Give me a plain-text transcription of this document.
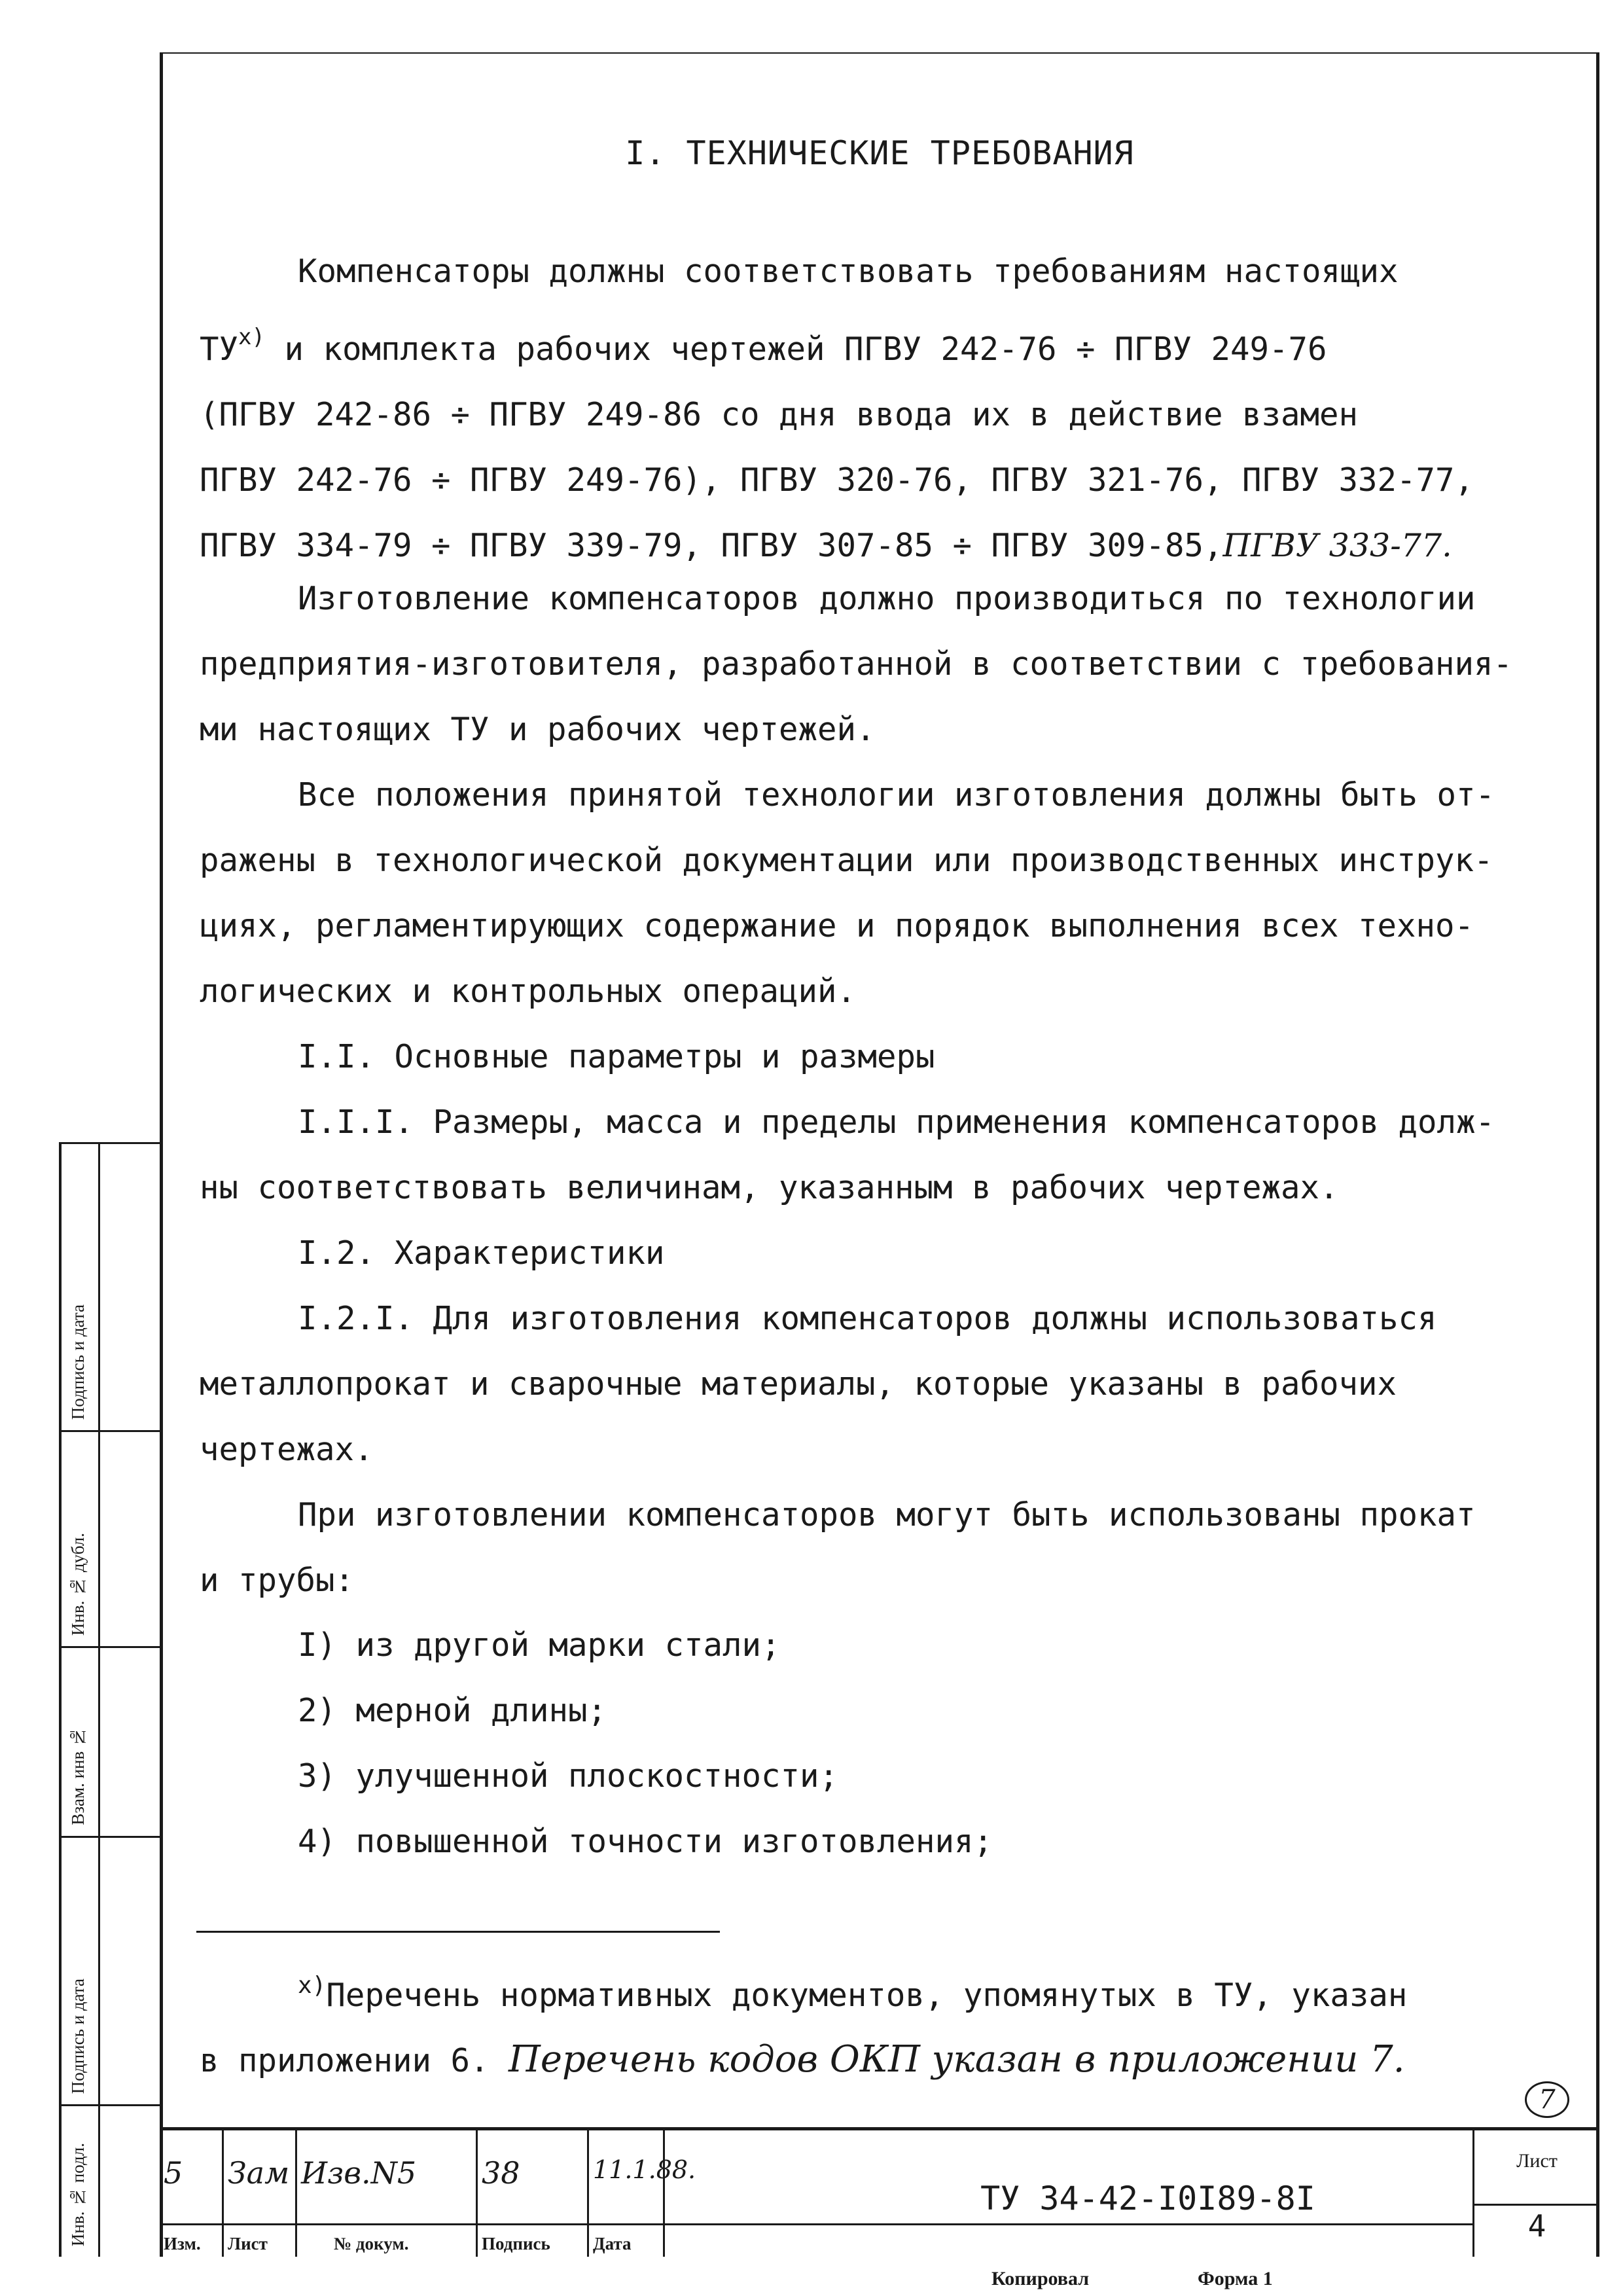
Подпись и дата
Инв. № дубл.
Взам. инв №
Подпись и дата
Инв. № подл.
I. ТЕХНИЧЕСКИЕ ТРЕБОВАНИЯ
Компенсаторы должны соответствовать требованиям настоящих
$ТУ^{х)}$ и комплекта рабочих чертежей ПГВУ 242-76 ÷ ПГВУ 249-76
(ПГВУ 242-86 ÷ ПГВУ 249-86 со дня ввода их в действие взамен
ПГВУ 242-76 ÷ ПГВУ 249-76), ПГВУ 320-76, ПГВУ 321-76, ПГВУ 332-77,
ПГВУ 334-79 ÷ ПГВУ 339-79, ПГВУ 307-85 ÷ ПГВУ 309-85,ПГВУ 333-77.
Изготовление компенсаторов должно производиться по технологии
предприятия-изготовителя, разработанной в соответствии с требования-
ми настоящих ТУ и рабочих чертежей.
Все положения принятой технологии изготовления должны быть от-
ражены в технологической документации или производственных инструк-
циях, регламентирующих содержание и порядок выполнения всех техно-
логических и контрольных операций.
I.I. Основные параметры и размеры
I.I.I. Размеры, масса и пределы применения компенсаторов долж-
ны соответствовать величинам, указанным в рабочих чертежах.
I.2. Характеристики
I.2.I. Для изготовления компенсаторов должны использоваться
металлопрокат и сварочные материалы, которые указаны в рабочих
чертежах.
При изготовлении компенсаторов могут быть использованы прокат
и трубы:
I) из другой марки стали;
2) мерной длины;
3) улучшенной плоскостности;
4) повышенной точности изготовления;
$^{х)}$Перечень нормативных документов, упомянутых в ТУ, указан
в приложении 6. Перечень кодов ОКП указан в приложении 7.
7
5
Изм.
Зам
Лист
Изв.N5
№ докум.
38
Подпись
11.1.88.
Дата
ТУ 34-42-I0I89-8I
Лист
4
Копировал	Форма 1
